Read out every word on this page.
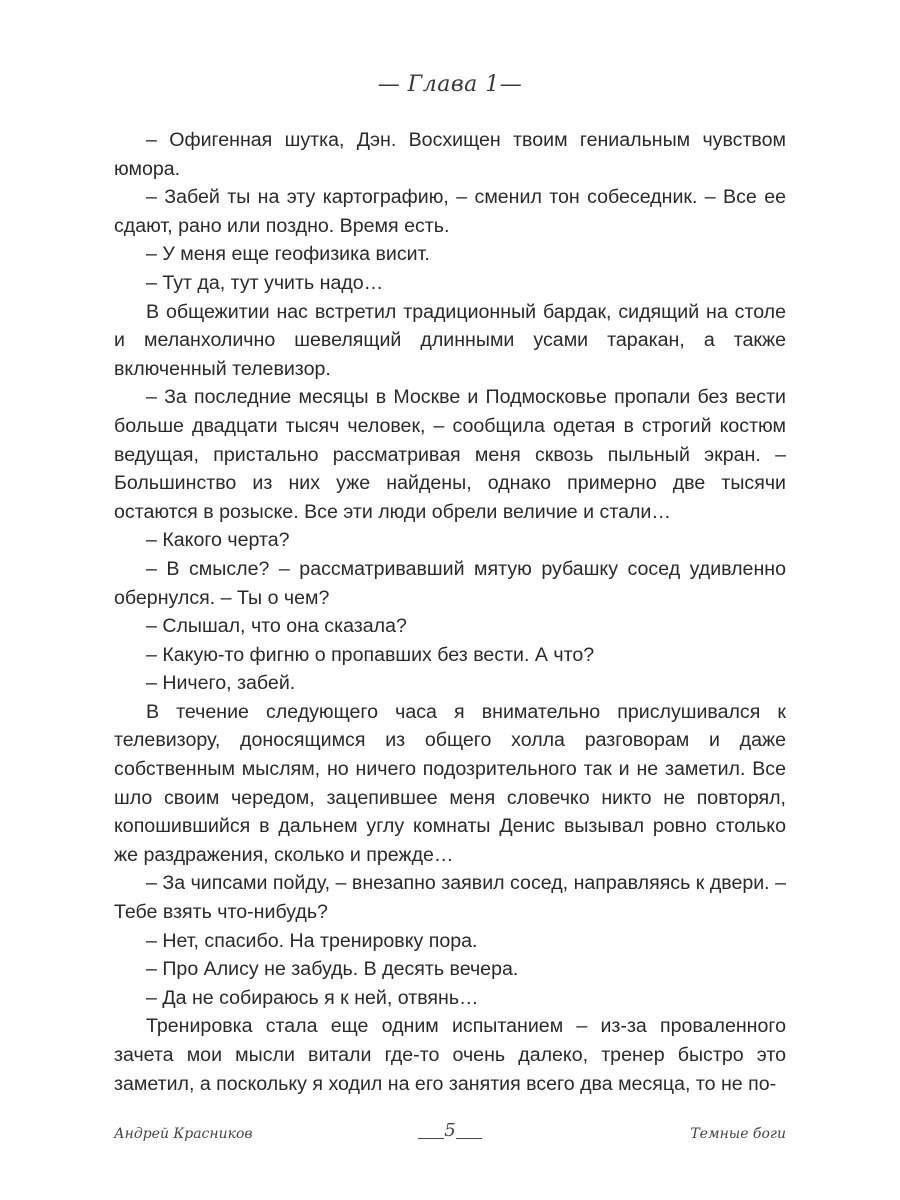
— Глава 1—

– Офигенная шутка, Дэн. Восхищен твоим гениальным чувством юмора.

– Забей ты на эту картографию, – сменил тон собеседник. – Все ее сдают, рано или поздно. Время есть.

– У меня еще геофизика висит.

– Тут да, тут учить надо…

В общежитии нас встретил традиционный бардак, сидящий на столе и меланхолично шевелящий длинными усами таракан, а также включенный телевизор.

– За последние месяцы в Москве и Подмосковье пропали без вести больше двадцати тысяч человек, – сообщила одетая в строгий костюм ведущая, пристально рассматривая меня сквозь пыльный экран. – Большинство из них уже найдены, однако примерно две тысячи остаются в розыске. Все эти люди обрели величие и стали…

– Какого черта?

– В смысле? – рассматривавший мятую рубашку сосед удивленно обернулся. – Ты о чем?

– Слышал, что она сказала?

– Какую-то фигню о пропавших без вести. А что?

– Ничего, забей.

В течение следующего часа я внимательно прислушивался к телевизору, доносящимся из общего холла разговорам и даже собственным мыслям, но ничего подозрительного так и не заметил. Все шло своим чередом, зацепившее меня словечко никто не повторял, копошившийся в дальнем углу комнаты Денис вызывал ровно столько же раздражения, сколько и прежде…

– За чипсами пойду, – внезапно заявил сосед, направляясь к двери. – Тебе взять что-нибудь?

– Нет, спасибо. На тренировку пора.

– Про Алису не забудь. В десять вечера.

– Да не собираюсь я к ней, отвянь…

Тренировка стала еще одним испытанием – из-за проваленного зачета мои мысли витали где-то очень далеко, тренер быстро это заметил, а поскольку я ходил на его занятия всего два месяца, то не по-

Андрей Красников	5	Темные боги
